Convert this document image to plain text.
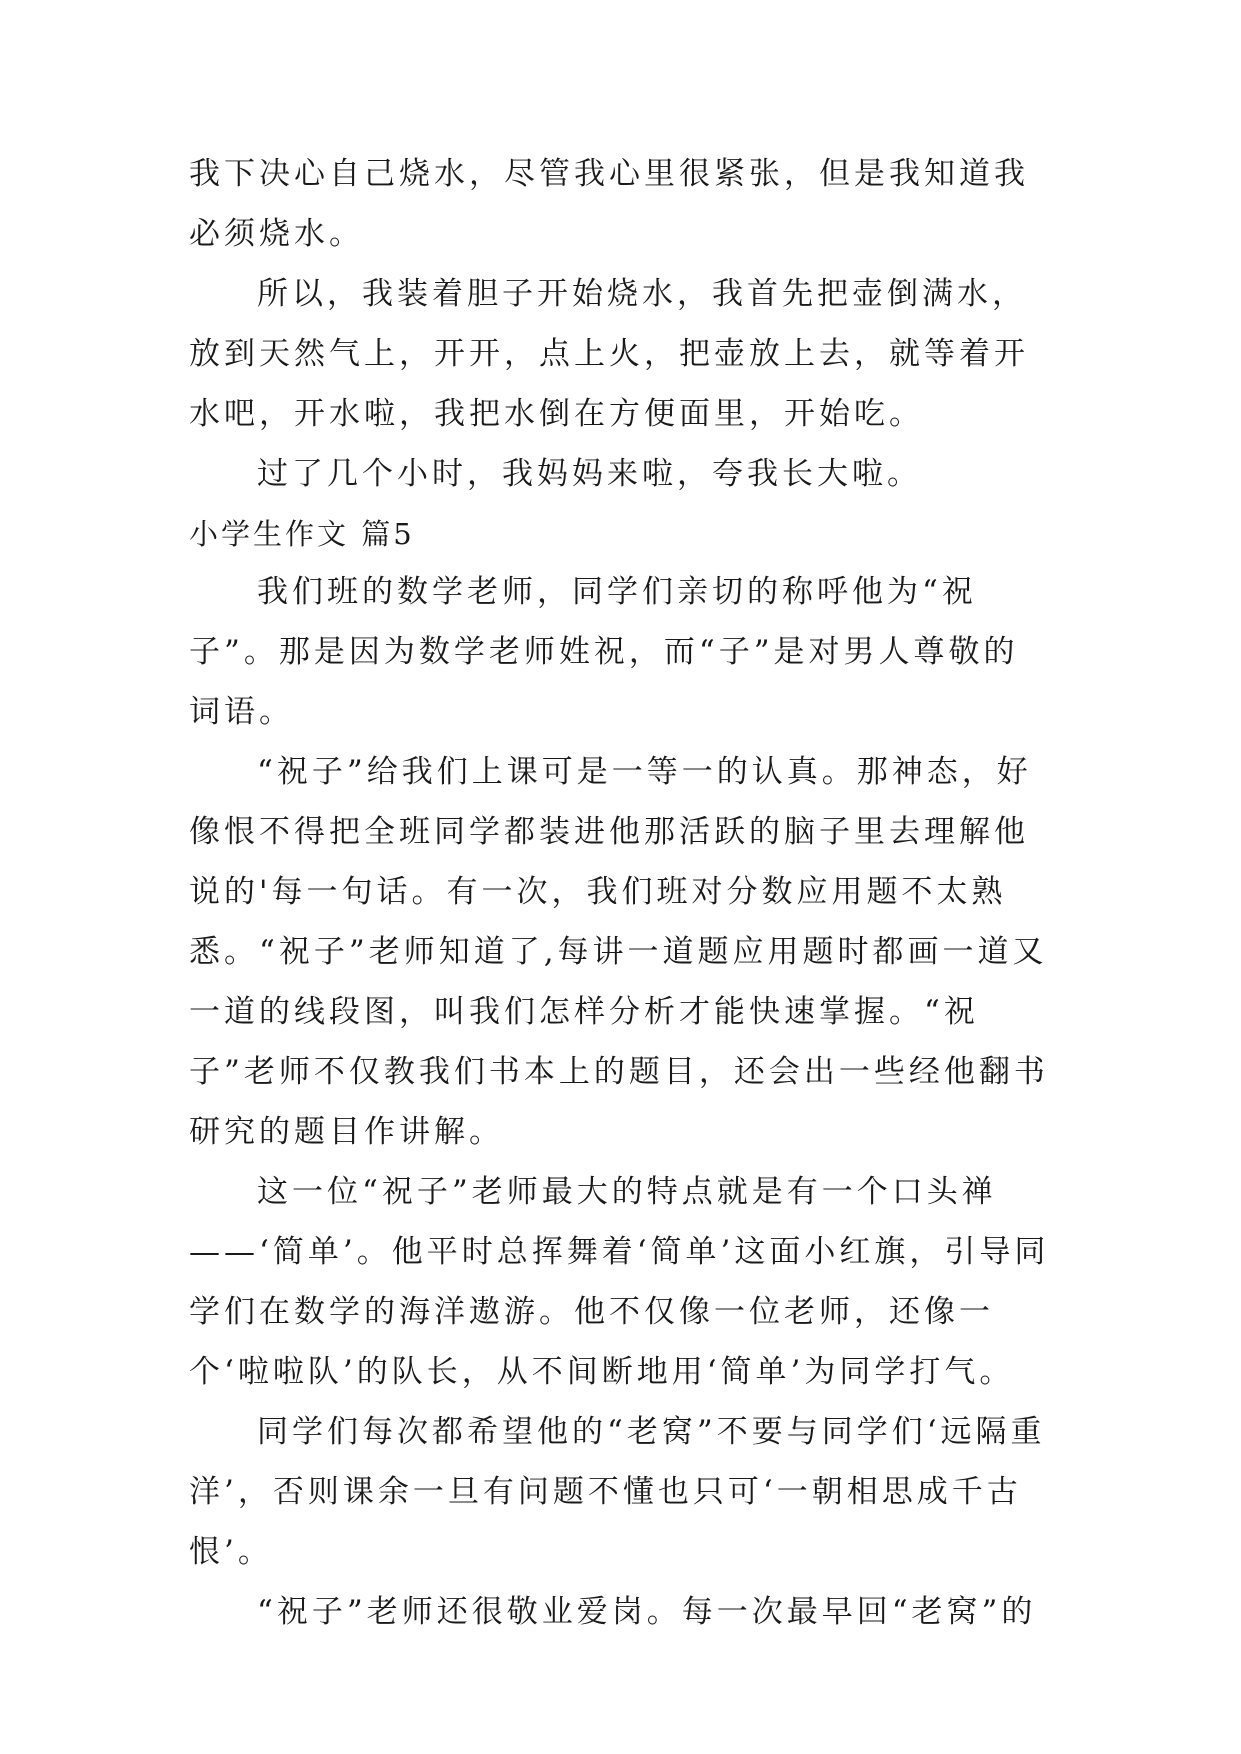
我下决心自己烧水，尽管我心里很紧张，但是我知道我必须烧水。

所以，我装着胆子开始烧水，我首先把壶倒满水，放到天然气上，开开，点上火，把壶放上去，就等着开水吧，开水啦，我把水倒在方便面里，开始吃。

过了几个小时，我妈妈来啦，夸我长大啦。

小学生作文 篇5

我们班的数学老师，同学们亲切的称呼他为“祝子”。那是因为数学老师姓祝，而“子”是对男人尊敬的词语。

“祝子”给我们上课可是一等一的认真。那神态，好像恨不得把全班同学都装进他那活跃的脑子里去理解他说的'每一句话。有一次，我们班对分数应用题不太熟悉。“祝子”老师知道了,每讲一道题应用题时都画一道又一道的线段图，叫我们怎样分析才能快速掌握。“祝子”老师不仅教我们书本上的题目，还会出一些经他翻书研究的题目作讲解。

这一位“祝子”老师最大的特点就是有一个口头禅——‘简单’。他平时总挥舞着‘简单’这面小红旗，引导同学们在数学的海洋遨游。他不仅像一位老师，还像一个‘啦啦队’的队长，从不间断地用‘简单’为同学打气。

同学们每次都希望他的“老窝”不要与同学们‘远隔重洋’，否则课余一旦有问题不懂也只可‘一朝相思成千古恨’。

“祝子”老师还很敬业爱岗。每一次最早回“老窝”的
